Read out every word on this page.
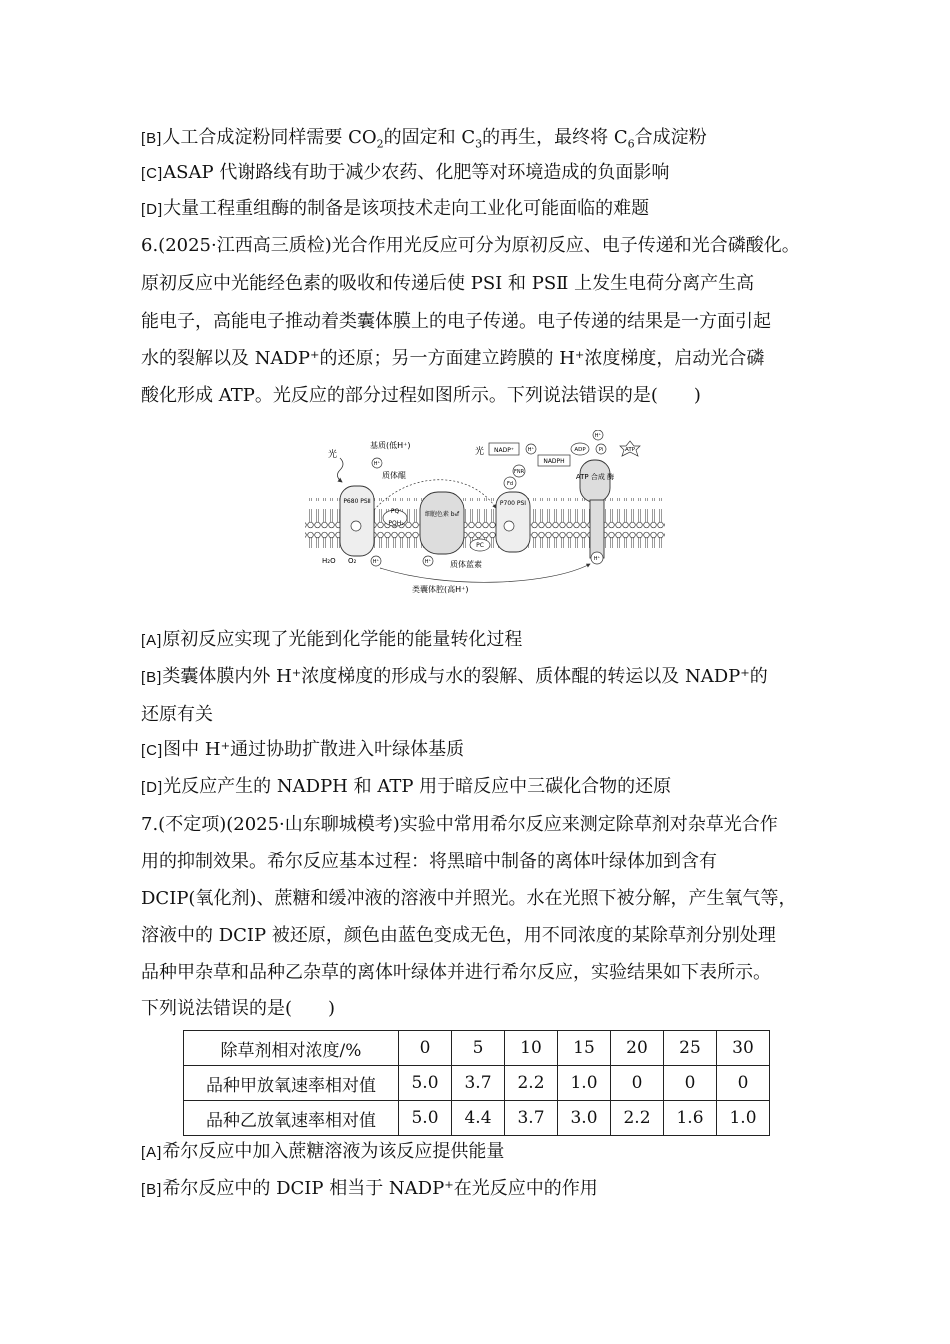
[B]人工合成淀粉同样需要 $CO_2$的固定和 $C_3$的再生，最终将 $C_6$合成淀粉
[C]ASAP 代谢路线有助于减少农药、化肥等对环境造成的负面影响
[D]大量工程重组酶的制备是该项技术走向工业化可能面临的难题
6.(2025·江西高三质检)光合作用光反应可分为原初反应、电子传递和光合磷酸化。
原初反应中光能经色素的吸收和传递后使 PSⅠ 和 PSⅡ 上发生电荷分离产生高
能电子，高能电子推动着类囊体膜上的电子传递。电子传递的结果是一方面引起
水的裂解以及 NADP⁺的还原；另一方面建立跨膜的 H⁺浓度梯度，启动光合磷
酸化形成 ATP。光反应的部分过程如图所示。下列说法错误的是(　　)
P680 PSⅡ
PQ
PQH₂
细胞色素 b₆f
P700 PSⅠ
ATP 合成 酶
光
基质(低H⁺)
H⁺
质体醌
光 NADP⁺	H⁺
NADPH
FNR
Fd
ADP	Pi
H⁺
ATP
H₂O O₂	H⁺	H⁺
PC
质体蓝素
H⁺
类囊体腔(高H⁺)
[A]原初反应实现了光能到化学能的能量转化过程
[B]类囊体膜内外 H⁺浓度梯度的形成与水的裂解、质体醌的转运以及 NADP⁺的
还原有关
[C]图中 H⁺通过协助扩散进入叶绿体基质
[D]光反应产生的 NADPH 和 ATP 用于暗反应中三碳化合物的还原
7.(不定项)(2025·山东聊城模考)实验中常用希尔反应来测定除草剂对杂草光合作
用的抑制效果。希尔反应基本过程：将黑暗中制备的离体叶绿体加到含有
DCIP(氧化剂)、蔗糖和缓冲液的溶液中并照光。水在光照下被分解，产生氧气等，
溶液中的 DCIP 被还原，颜色由蓝色变成无色，用不同浓度的某除草剂分别处理
品种甲杂草和品种乙杂草的离体叶绿体并进行希尔反应，实验结果如下表所示。
下列说法错误的是(　　)
除草剂相对浓度/%	0	5	10	15	20	25	30
品种甲放氧速率相对值	5.0	3.7	2.2	1.0	0	0	0
品种乙放氧速率相对值	5.0	4.4	3.7	3.0	2.2	1.6	1.0
[A]希尔反应中加入蔗糖溶液为该反应提供能量
[B]希尔反应中的 DCIP 相当于 NADP⁺在光反应中的作用
